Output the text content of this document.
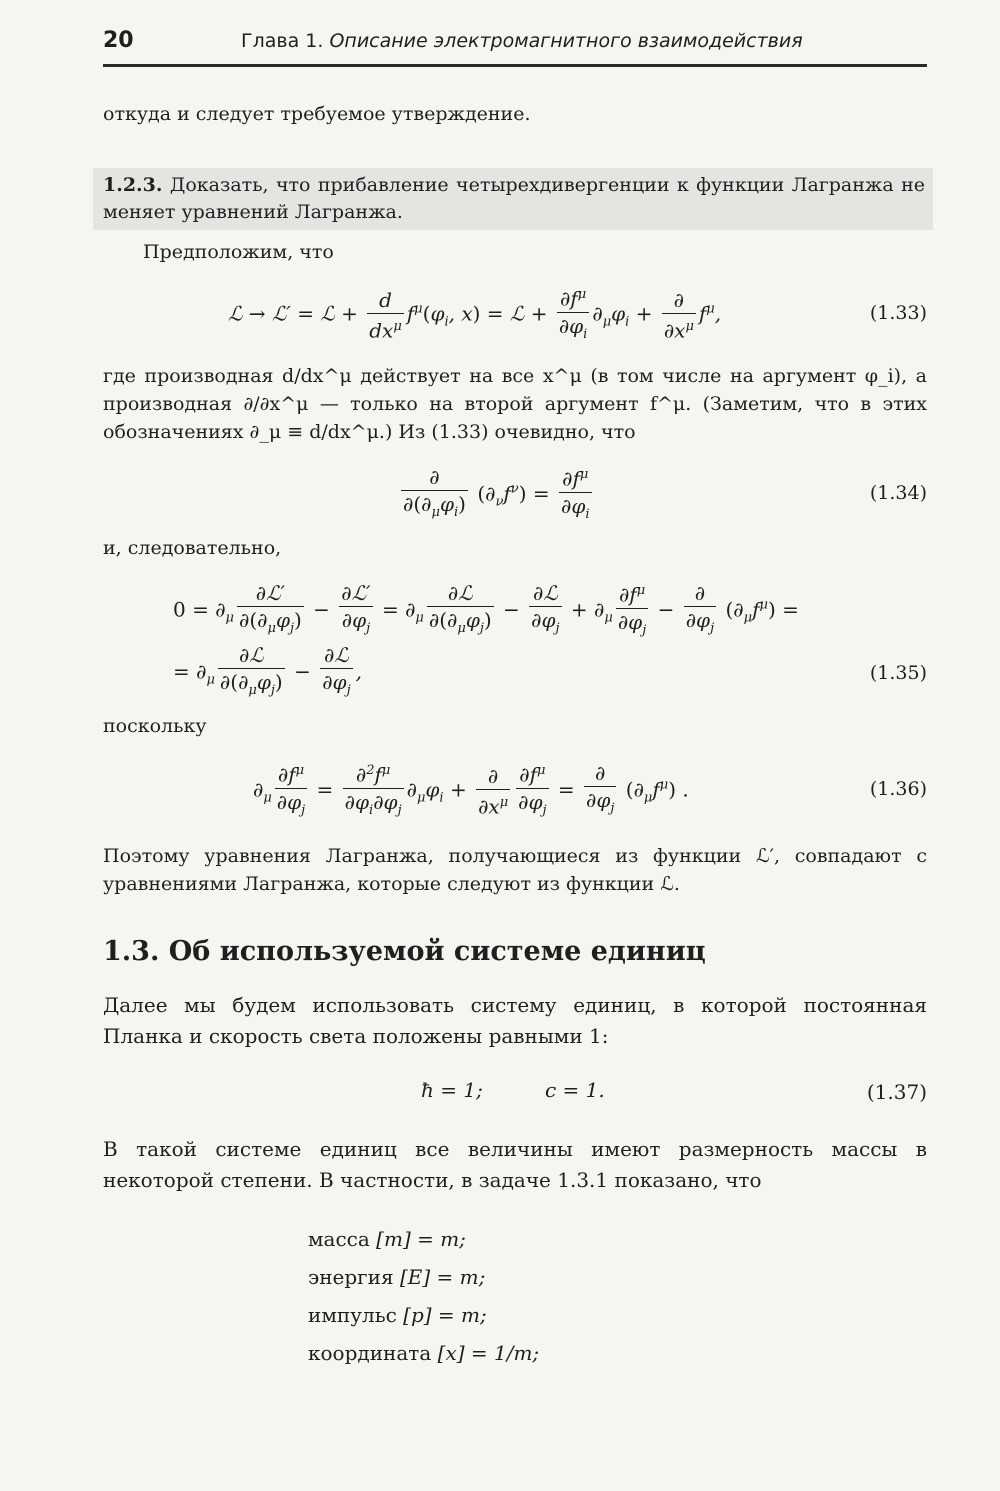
20	Глава 1. Описание электромагнитного взаимодействия
откуда и следует требуемое утверждение.
1.2.3. Доказать, что прибавление четырехдивергенции к функции Лагранжа не меняет уравнений Лагранжа.
Предположим, что
ℒ → ℒ′ = ℒ + $\frac{d}{dx^\mu} f^\mu(\varphi_i$, x) = ℒ + $\frac{\partial f^\mu}{\partial\varphi_i} \partial_\mu\varphi_i + \frac{\partial}{\partial x^\mu} f^\mu$,	(1.33)
где производная d/dx^μ действует на все x^μ (в том числе на аргумент φ_i), а производная ∂/∂x^μ — только на второй аргумент f^μ. (Заметим, что в этих обозначениях ∂_μ ≡ d/dx^μ.) Из (1.33) очевидно, что
$\frac{\partial}{\partial(\partial_\mu\varphi_i)} (\partial_\nu f^\nu) = \frac{\partial f^\mu}{\partial\varphi_i}$	(1.34)
и, следовательно,
$0 = \partial_\mu \frac{\text{∂ℒ′}}{\partial(\partial_\mu\varphi_j)} - \frac{\text{∂ℒ′}}{\partial\varphi_j} = \partial_\mu \frac{\text{∂ℒ}}{\partial(\partial_\mu\varphi_j)} - \frac{\text{∂ℒ}}{\partial\varphi_j} + \partial_\mu \frac{\partial f^\mu}{\partial\varphi_j} - \frac{\partial}{\partial\varphi_j} (\partial_\mu f^\mu)$ =
= $\partial_\mu \frac{\text{∂ℒ}}{\partial(\partial_\mu\varphi_j)} - \frac{\text{∂ℒ}}{\partial\varphi_j}$ ,	(1.35)
поскольку
$\partial_\mu \frac{\partial f^\mu}{\partial\varphi_j} = \frac{\partial^2f^\mu}{\partial\varphi_i\partial\varphi_j} \partial_\mu\varphi_i + \frac{\partial}{\partial x^\mu} \frac{\partial f^\mu}{\partial\varphi_j} = \frac{\partial}{\partial\varphi_j} (\partial_\mu f^\mu)$ .	(1.36)
Поэтому уравнения Лагранжа, получающиеся из функции ℒ′, совпадают с уравнениями Лагранжа, которые следуют из функции ℒ.
1.3. Об используемой системе единиц
Далее мы будем использовать систему единиц, в которой постоянная Планка и скорость света положены равными 1:
ħ = 1;	c = 1.	(1.37)
В такой системе единиц все величины имеют размерность массы в некоторой степени. В частности, в задаче 1.3.1 показано, что
масса [m] = m;
энергия [E] = m;
импульс [p] = m;
координата [x] = 1/m;
